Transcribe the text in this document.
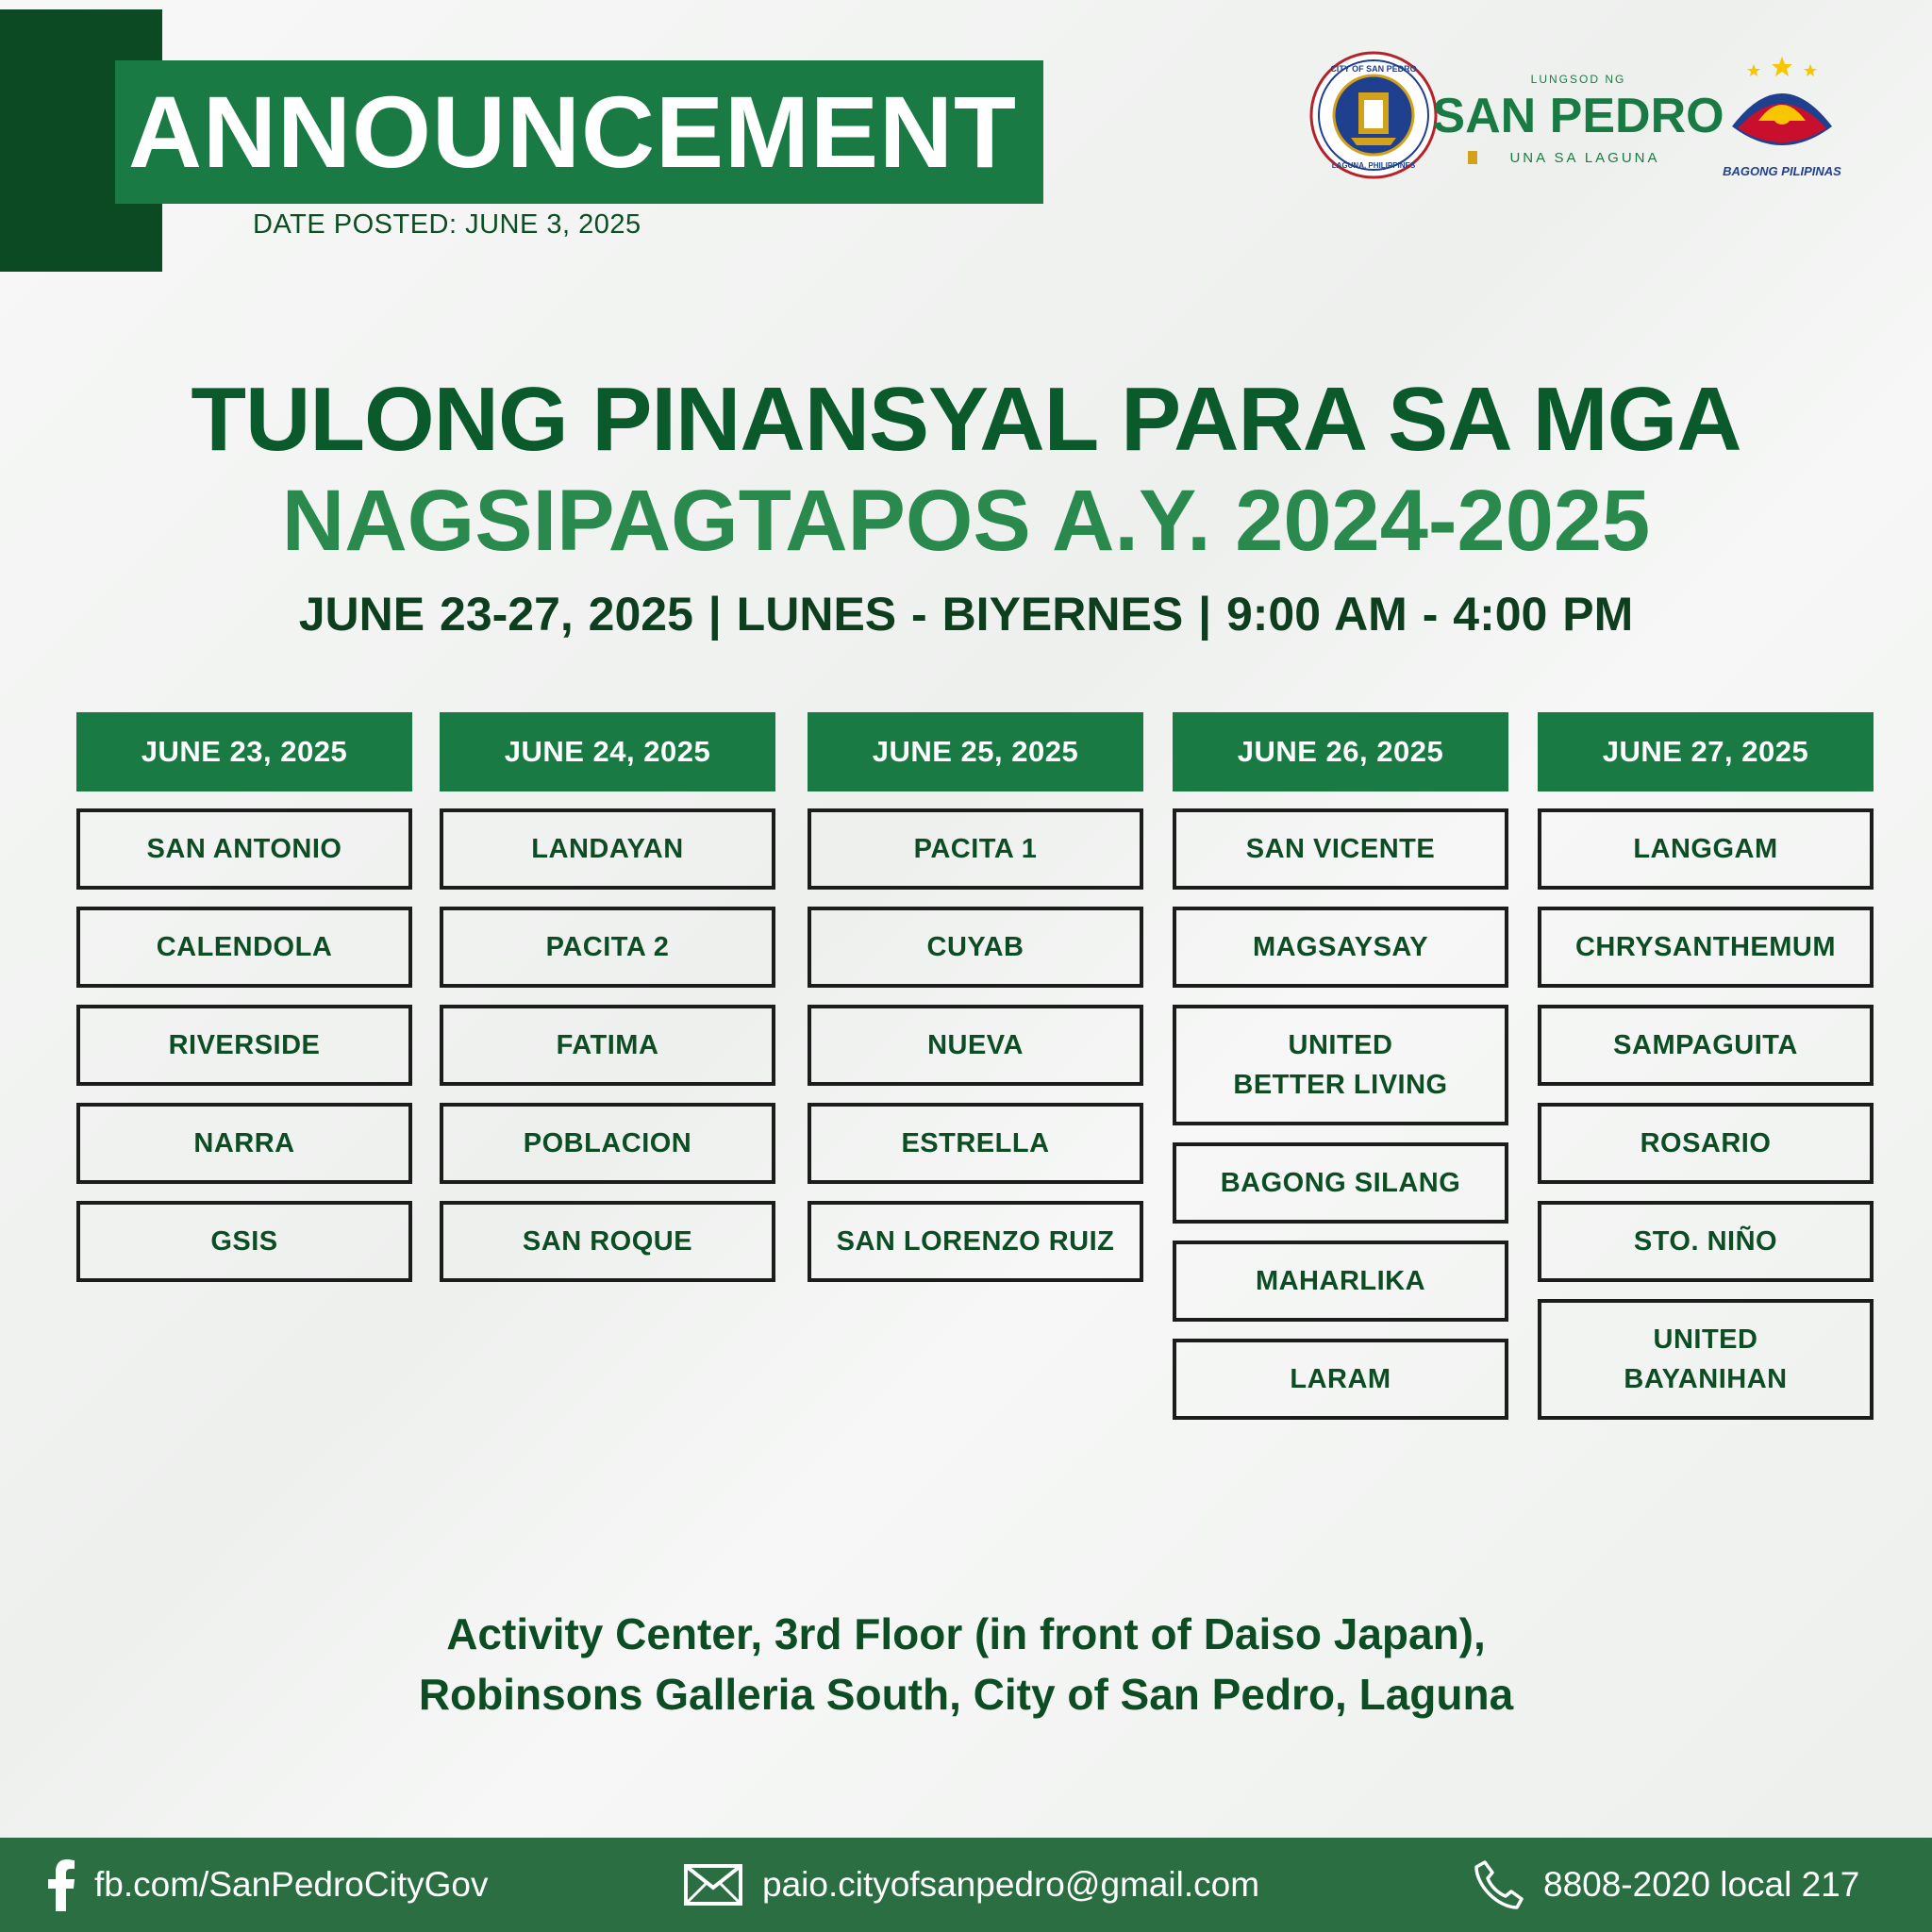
ANNOUNCEMENT
DATE POSTED: JUNE 3, 2025
CITY OF SAN PEDRO
LAGUNA, PHILIPPINES
LUNGSOD NG
SAN PEDRO
UNA SA LAGUNA
BAGONG PILIPINAS
TULONG PINANSYAL PARA SA MGA
NAGSIPAGTAPOS A.Y. 2024-2025
JUNE 23-27, 2025 | LUNES - BIYERNES | 9:00 AM - 4:00 PM
JUNE 23, 2025
SAN ANTONIO
CALENDOLA
RIVERSIDE
NARRA
GSIS
JUNE 24, 2025
LANDAYAN
PACITA 2
FATIMA
POBLACION
SAN ROQUE
JUNE 25, 2025
PACITA 1
CUYAB
NUEVA
ESTRELLA
SAN LORENZO RUIZ
JUNE 26, 2025
SAN VICENTE
MAGSAYSAY
UNITED BETTER LIVING
BAGONG SILANG
MAHARLIKA
LARAM
JUNE 27, 2025
LANGGAM
CHRYSANTHEMUM
SAMPAGUITA
ROSARIO
STO. NIÑO
UNITED BAYANIHAN
Activity Center, 3rd Floor (in front of Daiso Japan),
Robinsons Galleria South, City of San Pedro, Laguna
fb.com/SanPedroCityGov	paio.cityofsanpedro@gmail.com	8808-2020 local 217
